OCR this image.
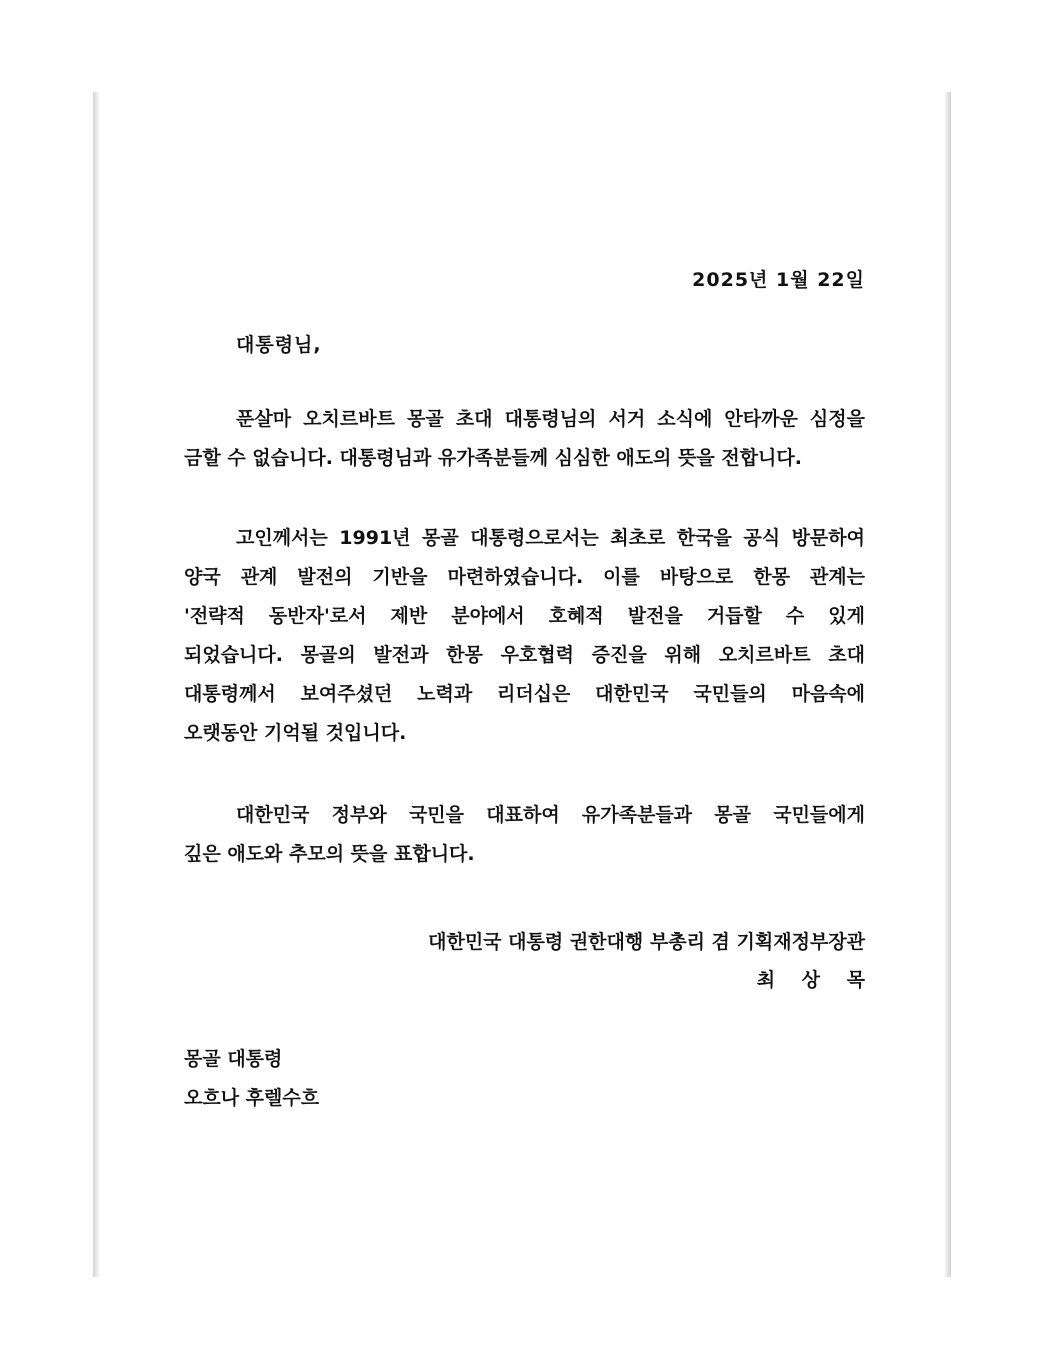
2025년 1월 22일
대통령님,
푼살마 오치르바트 몽골 초대 대통령님의 서거 소식에 안타까운 심정을
금할 수 없습니다. 대통령님과 유가족분들께 심심한 애도의 뜻을 전합니다.
고인께서는 1991년 몽골 대통령으로서는 최초로 한국을 공식 방문하여
양국 관계 발전의 기반을 마련하였습니다. 이를 바탕으로 한몽 관계는
'전략적 동반자'로서 제반 분야에서 호혜적 발전을 거듭할 수 있게
되었습니다. 몽골의 발전과 한몽 우호협력 증진을 위해 오치르바트 초대
대통령께서 보여주셨던 노력과 리더십은 대한민국 국민들의 마음속에
오랫동안 기억될 것입니다.
대한민국 정부와 국민을 대표하여 유가족분들과 몽골 국민들에게
깊은 애도와 추모의 뜻을 표합니다.
대한민국 대통령 권한대행 부총리 겸 기획재정부장관
최 상 목
몽골 대통령
오흐나 후렐수흐
